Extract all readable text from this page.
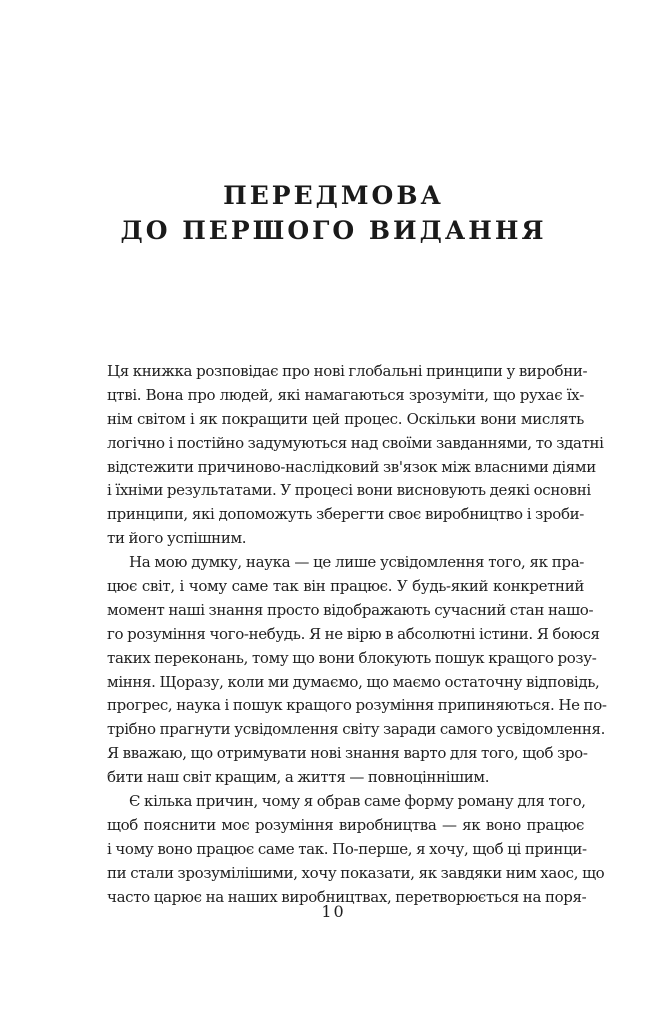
ПЕРЕДМОВА
ДО ПЕРШОГО ВИДАННЯ
Ця книжка розповідає про нові глобальні принципи у виробни-
цтві. Вона про людей, які намагаються зрозуміти, що рухає їх-
нім світом і як покращити цей процес. Оскільки вони мислять
логічно і постійно задумуються над своїми завданнями, то здатні
відстежити причиново-наслідковий зв'язок між власними діями
і їхніми результатами. У процесі вони висновують деякі основні
принципи, які допоможуть зберегти своє виробництво і зроби-
ти його успішним.
На мою думку, наука — це лише усвідомлення того, як пра-
цює світ, і чому саме так він працює. У будь-який конкретний
момент наші знання просто відображають сучасний стан нашо-
го розуміння чого-небудь. Я не вірю в абсолютні істини. Я боюся
таких переконань, тому що вони блокують пошук кращого розу-
міння. Щоразу, коли ми думаємо, що маємо остаточну відповідь,
прогрес, наука і пошук кращого розуміння припиняються. Не по-
трібно прагнути усвідомлення світу заради самого усвідомлення.
Я вважаю, що отримувати нові знання варто для того, щоб зро-
бити наш світ кращим, а життя — повноціннішим.
Є кілька причин, чому я обрав саме форму роману для того,
щоб пояснити моє розуміння виробництва — як воно працює
і чому воно працює саме так. По-перше, я хочу, щоб ці принци-
пи стали зрозумілішими, хочу показати, як завдяки ним хаос, що
часто царює на наших виробництвах, перетворюється на поря-
10
